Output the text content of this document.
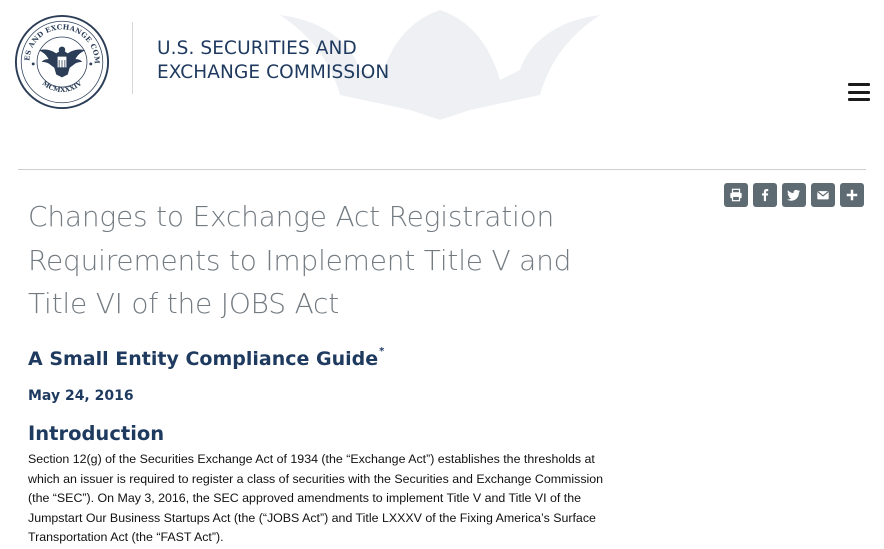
ES AND EXCHANGE COM
MCMXXXIV
U.S. SECURITIES AND
EXCHANGE COMMISSION
Changes to Exchange Act Registration
Requirements to Implement Title V and
Title VI of the JOBS Act
A Small Entity Compliance Guide*
May 24, 2016
Introduction
Section 12(g) of the Securities Exchange Act of 1934 (the “Exchange Act”) establishes the thresholds at
which an issuer is required to register a class of securities with the Securities and Exchange Commission
(the “SEC”). On May 3, 2016, the SEC approved amendments to implement Title V and Title VI of the
Jumpstart Our Business Startups Act (the (“JOBS Act”) and Title LXXXV of the Fixing America’s Surface
Transportation Act (the “FAST Act”).
